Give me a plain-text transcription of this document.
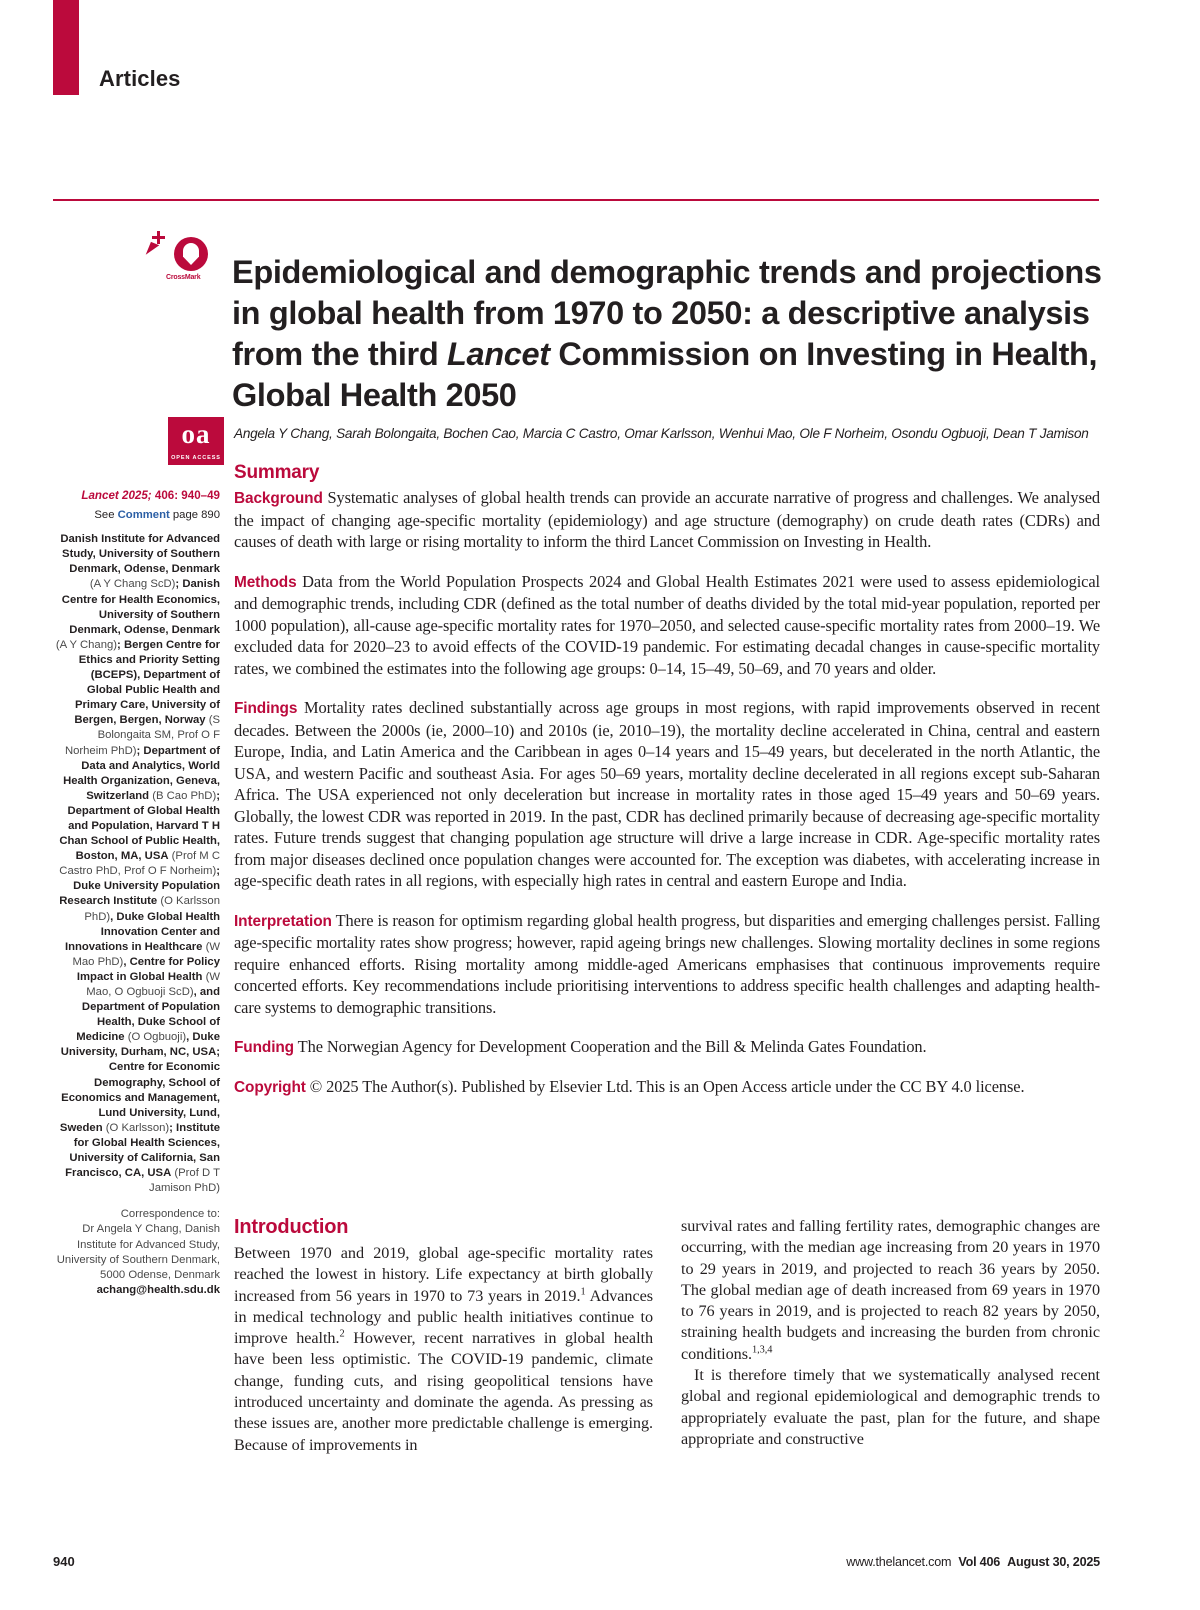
Articles
CrossMark Epidemiological and demographic trends and projections in global health from 1970 to 2050: a descriptive analysis from the third Lancet Commission on Investing in Health, Global Health 2050
oa
OPEN ACCESS
Angela Y Chang, Sarah Bolongaita, Bochen Cao, Marcia C Castro, Omar Karlsson, Wenhui Mao, Ole F Norheim, Osondu Ogbuoji, Dean T Jamison
Lancet 2025; 406: 940–49
See Comment page 890
Danish Institute for Advanced Study, University of Southern Denmark, Odense, Denmark (A Y Chang ScD); Danish Centre for Health Economics, University of Southern Denmark, Odense, Denmark (A Y Chang); Bergen Centre for Ethics and Priority Setting (BCEPS), Department of Global Public Health and Primary Care, University of Bergen, Bergen, Norway (S Bolongaita SM, Prof O F Norheim PhD); Department of Data and Analytics, World Health Organization, Geneva, Switzerland (B Cao PhD); Department of Global Health and Population, Harvard T H Chan School of Public Health, Boston, MA, USA (Prof M C Castro PhD, Prof O F Norheim); Duke University Population Research Institute (O Karlsson PhD), Duke Global Health Innovation Center and Innovations in Healthcare (W Mao PhD), Centre for Policy Impact in Global Health (W Mao, O Ogbuoji ScD), and Department of Population Health, Duke School of Medicine (O Ogbuoji), Duke University, Durham, NC, USA; Centre for Economic Demography, School of Economics and Management, Lund University, Lund, Sweden (O Karlsson); Institute for Global Health Sciences, University of California, San Francisco, CA, USA (Prof D T Jamison PhD)
Correspondence to:
Dr Angela Y Chang, Danish Institute for Advanced Study, University of Southern Denmark, 5000 Odense, Denmark
achang@health.sdu.dk
Summary

Background Systematic analyses of global health trends can provide an accurate narrative of progress and challenges. We analysed the impact of changing age-specific mortality (epidemiology) and age structure (demography) on crude death rates (CDRs) and causes of death with large or rising mortality to inform the third Lancet Commission on Investing in Health.

Methods Data from the World Population Prospects 2024 and Global Health Estimates 2021 were used to assess epidemiological and demographic trends, including CDR (defined as the total number of deaths divided by the total mid-year population, reported per 1000 population), all-cause age-specific mortality rates for 1970–2050, and selected cause-specific mortality rates from 2000–19. We excluded data for 2020–23 to avoid effects of the COVID-19 pandemic. For estimating decadal changes in cause-specific mortality rates, we combined the estimates into the following age groups: 0–14, 15–49, 50–69, and 70 years and older.

Findings Mortality rates declined substantially across age groups in most regions, with rapid improvements observed in recent decades. Between the 2000s (ie, 2000–10) and 2010s (ie, 2010–19), the mortality decline accelerated in China, central and eastern Europe, India, and Latin America and the Caribbean in ages 0–14 years and 15–49 years, but decelerated in the north Atlantic, the USA, and western Pacific and southeast Asia. For ages 50–69 years, mortality decline decelerated in all regions except sub-Saharan Africa. The USA experienced not only deceleration but increase in mortality rates in those aged 15–49 years and 50–69 years. Globally, the lowest CDR was reported in 2019. In the past, CDR has declined primarily because of decreasing age-specific mortality rates. Future trends suggest that changing population age structure will drive a large increase in CDR. Age-specific mortality rates from major diseases declined once population changes were accounted for. The exception was diabetes, with accelerating increase in age-specific death rates in all regions, with especially high rates in central and eastern Europe and India.

Interpretation There is reason for optimism regarding global health progress, but disparities and emerging challenges persist. Falling age-specific mortality rates show progress; however, rapid ageing brings new challenges. Slowing mortality declines in some regions require enhanced efforts. Rising mortality among middle-aged Americans emphasises that continuous improvements require concerted efforts. Key recommendations include prioritising interventions to address specific health challenges and adapting health-care systems to demographic transitions.

Funding The Norwegian Agency for Development Cooperation and the Bill & Melinda Gates Foundation.

Copyright © 2025 The Author(s). Published by Elsevier Ltd. This is an Open Access article under the CC BY 4.0 license.

Introduction

Between 1970 and 2019, global age-specific mortality rates reached the lowest in history. Life expectancy at birth globally increased from 56 years in 1970 to 73 years in 2019.$^1$ Advances in medical technology and public health initiatives continue to improve health.$^2$ However, recent narratives in global health have been less optimistic. The COVID-19 pandemic, climate change, funding cuts, and rising geopolitical tensions have introduced uncertainty and dominate the agenda. As pressing as these issues are, another more predictable challenge is emerging. Because of improvements in

survival rates and falling fertility rates, demographic changes are occurring, with the median age increasing from 20 years in 1970 to 29 years in 2019, and projected to reach 36 years by 2050. The global median age of death increased from 69 years in 1970 to 76 years in 2019, and is projected to reach 82 years by 2050, straining health budgets and increasing the burden from chronic conditions.$^{1,3,4}$

It is therefore timely that we systematically analysed recent global and regional epidemiological and demographic trends to appropriately evaluate the past, plan for the future, and shape appropriate and constructive

940	www.thelancet.com Vol 406 August 30, 2025
